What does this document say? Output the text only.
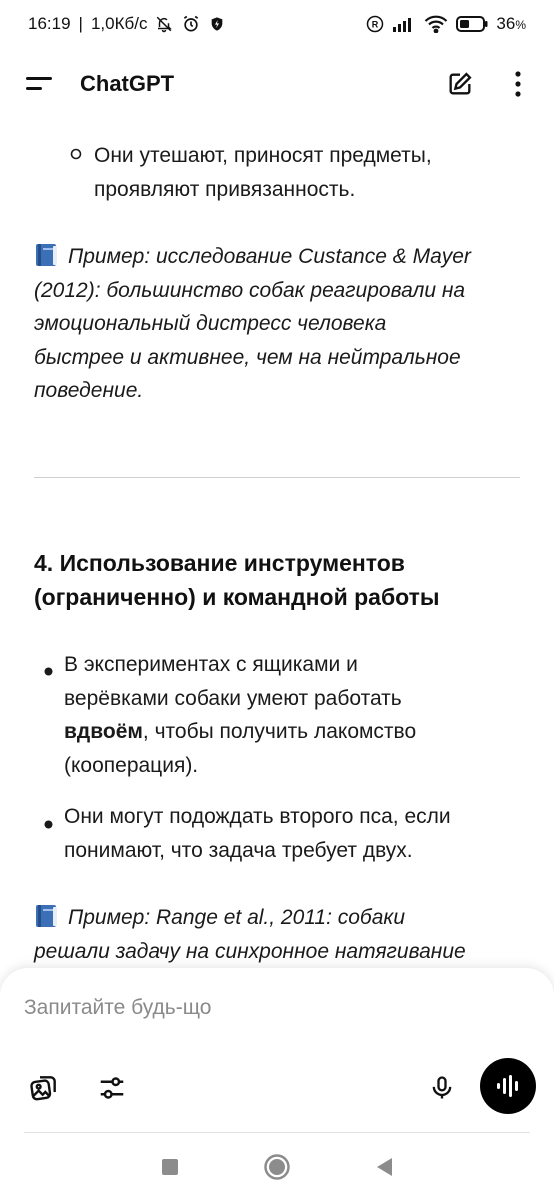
16:19 | 1,0Кб/с	R	36%
ChatGPT
Они утешают, приносят предметы,
проявляют привязанность.
Пример: исследование Custance & Mayer
(2012): большинство собак реагировали на
эмоциональный дистресс человека
быстрее и активнее, чем на нейтральное
поведение.
4. Использование инструментов
(ограниченно) и командной работы
В экспериментах с ящиками и
верёвками собаки умеют работать
вдвоём, чтобы получить лакомство
(кооперация).
Они могут подождать второго пса, если
понимают, что задача требует двух.
Пример: Range et al., 2011: собаки
решали задачу на синхронное натягивание
Запитайте будь-що
